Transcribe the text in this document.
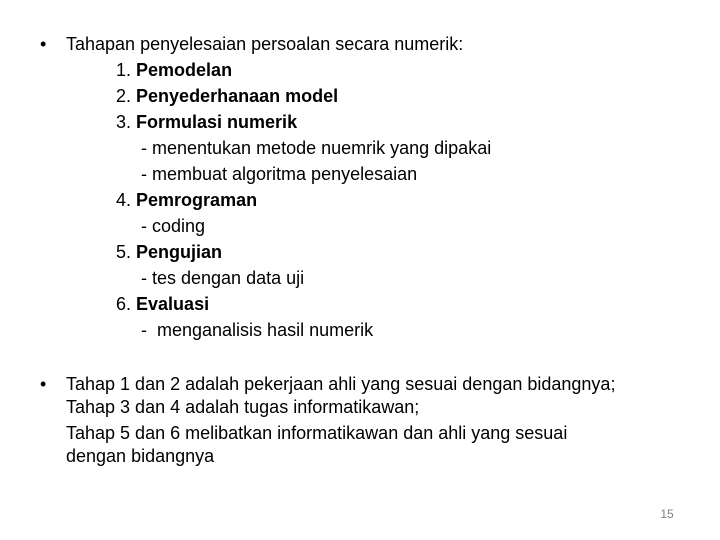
• Tahapan penyelesaian persoalan secara numerik:
1. Pemodelan
2. Penyederhanaan model
3. Formulasi numerik
- menentukan metode nuemrik yang dipakai
- membuat algoritma penyelesaian
4. Pemrograman
- coding
5. Pengujian
- tes dengan data uji
6. Evaluasi
-  menganalisis hasil numerik
• Tahap 1 dan 2 adalah pekerjaan ahli yang sesuai dengan bidangnya;
Tahap 3 dan 4 adalah tugas informatikawan;
Tahap 5 dan 6 melibatkan informatikawan dan ahli yang sesuai
dengan bidangnya
15
